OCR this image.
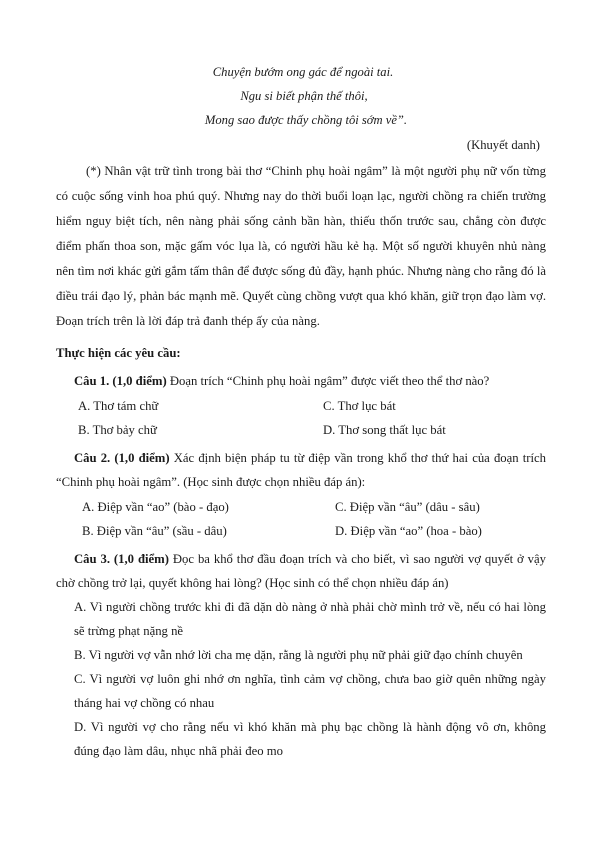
Chuyện bướm ong gác để ngoài tai.
Ngu si biết phận thế thôi,
Mong sao được thấy chồng tôi sớm về”.
(Khuyết danh)

(*) Nhân vật trữ tình trong bài thơ “Chinh phụ hoài ngâm” là một người phụ nữ vốn từng có cuộc sống vinh hoa phú quý. Nhưng nay do thời buổi loạn lạc, người chồng ra chiến trường hiểm nguy biệt tích, nên nàng phải sống cảnh bần hàn, thiếu thốn trước sau, chẳng còn được điểm phấn thoa son, mặc gấm vóc lụa là, có người hầu kẻ hạ. Một số người khuyên nhủ nàng nên tìm nơi khác gửi gắm tấm thân để được sống đủ đầy, hạnh phúc. Nhưng nàng cho rằng đó là điều trái đạo lý, phản bác mạnh mẽ. Quyết cùng chồng vượt qua khó khăn, giữ trọn đạo làm vợ. Đoạn trích trên là lời đáp trả đanh thép ấy của nàng.

Thực hiện các yêu cầu:

Câu 1. (1,0 điểm) Đoạn trích “Chinh phụ hoài ngâm” được viết theo thể thơ nào?

A. Thơ tám chữ	C. Thơ lục bát
B. Thơ bảy chữ	D. Thơ song thất lục bát

Câu 2. (1,0 điểm) Xác định biện pháp tu từ điệp vần trong khổ thơ thứ hai của đoạn trích “Chinh phụ hoài ngâm”. (Học sinh được chọn nhiều đáp án):

A. Điệp vần “ao” (bào - đạo)	C. Điệp vần “âu” (dâu - sâu)
B. Điệp vần “âu” (sầu - dâu)	D. Điệp vần “ao” (hoa - bào)

Câu 3. (1,0 điểm) Đọc ba khổ thơ đầu đoạn trích và cho biết, vì sao người vợ quyết ở vậy chờ chồng trở lại, quyết không hai lòng? (Học sinh có thể chọn nhiều đáp án)

A. Vì người chồng trước khi đi đã dặn dò nàng ở nhà phải chờ mình trở về, nếu có hai lòng sẽ trừng phạt nặng nề
B. Vì người vợ vẫn nhớ lời cha mẹ dặn, rằng là người phụ nữ phải giữ đạo chính chuyên
C. Vì người vợ luôn ghi nhớ ơn nghĩa, tình cảm vợ chồng, chưa bao giờ quên những ngày tháng hai vợ chồng có nhau
D. Vì người vợ cho rằng nếu vì khó khăn mà phụ bạc chồng là hành động vô ơn, không đúng đạo làm dâu, nhục nhã phải đeo mo
